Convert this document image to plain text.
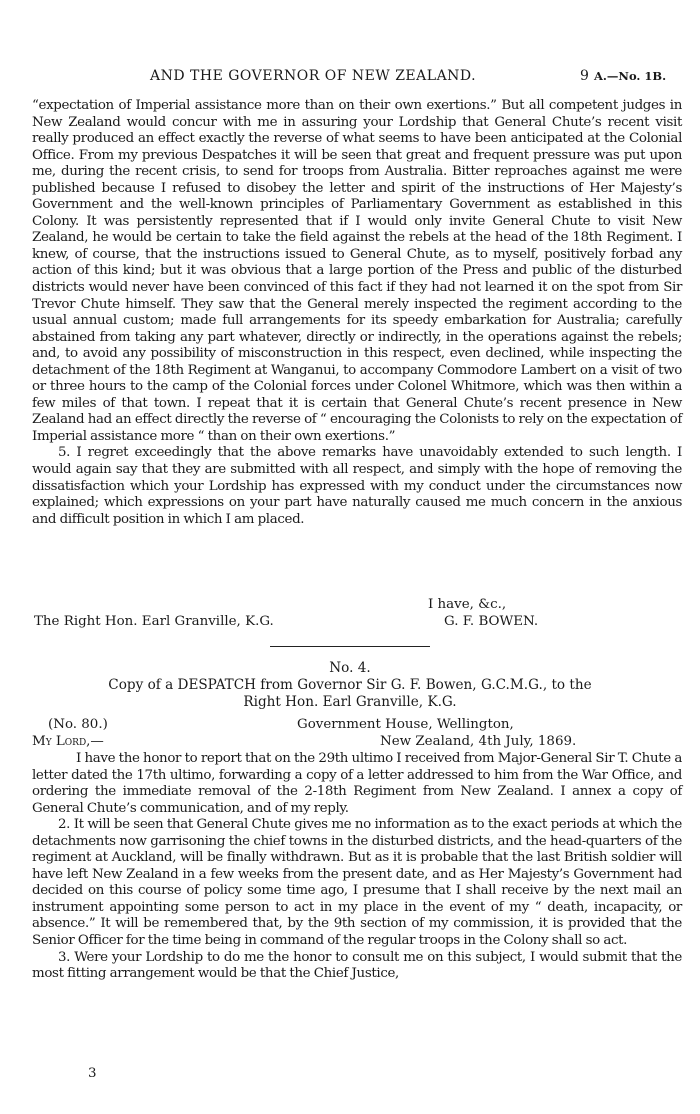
AND THE GOVERNOR OF NEW ZEALAND.	9 A.—No. 1B.

“expectation of Imperial assistance more than on their own exertions.” But all competent judges in New Zealand would concur with me in assuring your Lordship that General Chute’s recent visit really produced an effect exactly the reverse of what seems to have been anticipated at the Colonial Office. From my previous Despatches it will be seen that great and frequent pressure was put upon me, during the recent crisis, to send for troops from Australia. Bitter reproaches against me were published because I refused to disobey the letter and spirit of the instructions of Her Majesty’s Government and the well-known principles of Parliamentary Government as established in this Colony. It was persistently represented that if I would only invite General Chute to visit New Zealand, he would be certain to take the field against the rebels at the head of the 18th Regiment. I knew, of course, that the instructions issued to General Chute, as to myself, positively forbad any action of this kind; but it was obvious that a large portion of the Press and public of the disturbed districts would never have been convinced of this fact if they had not learned it on the spot from Sir Trevor Chute himself. They saw that the General merely inspected the regiment according to the usual annual custom; made full arrangements for its speedy embarkation for Australia; carefully abstained from taking any part whatever, directly or indirectly, in the operations against the rebels; and, to avoid any possibility of misconstruction in this respect, even declined, while inspecting the detachment of the 18th Regiment at Wanganui, to accompany Commodore Lambert on a visit of two or three hours to the camp of the Colonial forces under Colonel Whitmore, which was then within a few miles of that town. I repeat that it is certain that General Chute’s recent presence in New Zealand had an effect directly the reverse of “ encouraging the Colonists to rely on the expectation of Imperial assistance more “ than on their own exertions.”

5. I regret exceedingly that the above remarks have unavoidably extended to such length. I would again say that they are submitted with all respect, and simply with the hope of removing the dissatisfaction which your Lordship has expressed with my conduct under the circumstances now explained; which expressions on your part have naturally caused me much concern in the anxious and difficult position in which I am placed.

I have, &c.,
The Right Hon. Earl Granville, K.G.	G. F. BOWEN.
No. 4.
Copy of a DESPATCH from Governor Sir G. F. Bowen, G.C.M.G., to the
Right Hon. Earl Granville, K.G.
(No. 80.)	Government House, Wellington,
My Lord,—	New Zealand, 4th July, 1869.

I have the honor to report that on the 29th ultimo I received from Major-General Sir T. Chute a letter dated the 17th ultimo, forwarding a copy of a letter addressed to him from the War Office, and ordering the immediate removal of the 2-18th Regiment from New Zealand. I annex a copy of General Chute’s communication, and of my reply.

2. It will be seen that General Chute gives me no information as to the exact periods at which the detachments now garrisoning the chief towns in the disturbed districts, and the head-quarters of the regiment at Auckland, will be finally withdrawn. But as it is probable that the last British soldier will have left New Zealand in a few weeks from the present date, and as Her Majesty’s Government had decided on this course of policy some time ago, I presume that I shall receive by the next mail an instrument appointing some person to act in my place in the event of my “ death, incapacity, or absence.” It will be remembered that, by the 9th section of my commission, it is provided that the Senior Officer for the time being in command of the regular troops in the Colony shall so act.

3. Were your Lordship to do me the honor to consult me on this subject, I would submit that the most fitting arrangement would be that the Chief Justice,

3
